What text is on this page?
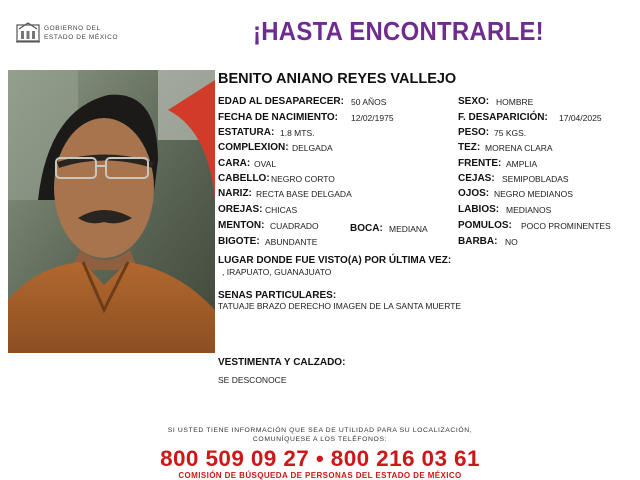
GOBIERNO DEL
ESTADO DE MÉXICO	¡HASTA ENCONTRARLE!
BENITO ANIANO REYES VALLEJO
EDAD AL DESAPARECER: 50 AÑOS
FECHA DE NACIMIENTO: 12/02/1975
ESTATURA: 1.8 MTS.
COMPLEXION: DELGADA
CARA: OVAL
CABELLO: NEGRO CORTO
NARIZ: RECTA BASE DELGADA
OREJAS: CHICAS
MENTON: CUADRADO	BOCA: MEDIANA
BIGOTE: ABUNDANTE
SEXO: HOMBRE
F. DESAPARICIÓN: 17/04/2025
PESO: 75 KGS.
TEZ: MORENA CLARA
FRENTE: AMPLIA
CEJAS: SEMIPOBLADAS
OJOS: NEGRO MEDIANOS
LABIOS: MEDIANOS
POMULOS: POCO PROMINENTES
BARBA: NO
LUGAR DONDE FUE VISTO(A) POR ÚLTIMA VEZ:
, IRAPUATO, GUANAJUATO
SENAS PARTICULARES:
TATUAJE BRAZO DERECHO IMAGEN DE LA SANTA MUERTE
VESTIMENTA Y CALZADO:
SE DESCONOCE
SI USTED TIENE INFORMACIÓN QUE SEA DE UTILIDAD PARA SU LOCALIZACIÓN,
COMUNÍQUESE A LOS TELÉFONOS:
800 509 09 27 • 800 216 03 61
COMISIÓN DE BÚSQUEDA DE PERSONAS DEL ESTADO DE MÉXICO
